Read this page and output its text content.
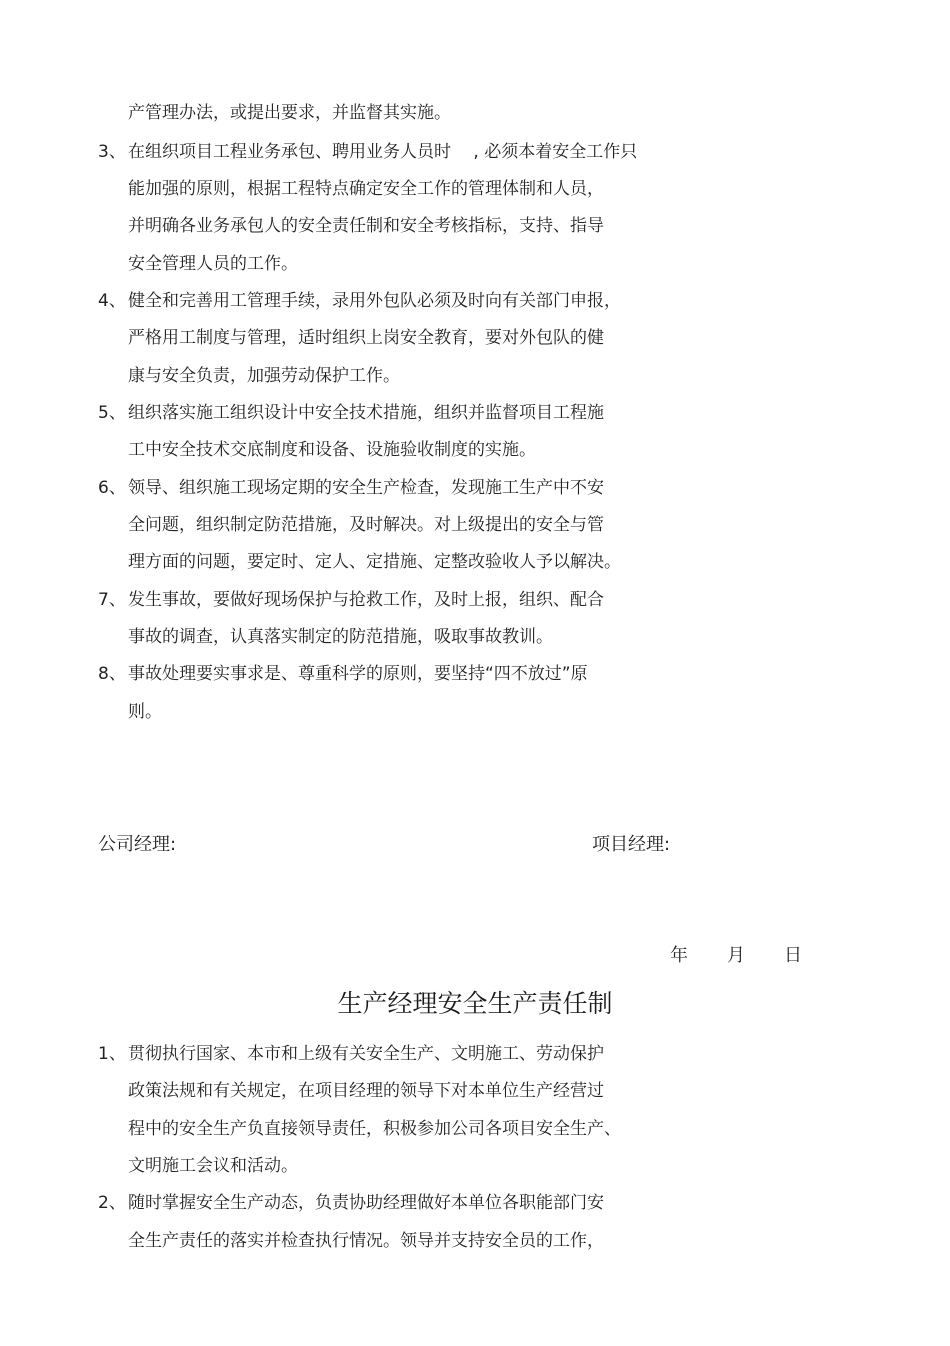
产管理办法，或提出要求，并监督其实施。
3、 在组织项目工程业务承包、聘用业务人员时　 , 必须本着安全工作只
能加强的原则，根据工程特点确定安全工作的管理体制和人员，
并明确各业务承包人的安全责任制和安全考核指标，支持、指导
安全管理人员的工作。
4、 健全和完善用工管理手续，录用外包队必须及时向有关部门申报，
严格用工制度与管理，适时组织上岗安全教育，要对外包队的健
康与安全负责，加强劳动保护工作。
5、 组织落实施工组织设计中安全技术措施，组织并监督项目工程施
工中安全技术交底制度和设备、设施验收制度的实施。
6、 领导、组织施工现场定期的安全生产检查，发现施工生产中不安
全问题，组织制定防范措施，及时解决。对上级提出的安全与管
理方面的问题，要定时、定人、定措施、定整改验收人予以解决。
7、 发生事故，要做好现场保护与抢救工作，及时上报，组织、配合
事故的调查，认真落实制定的防范措施，吸取事故教训。
8、 事故处理要实事求是、尊重科学的原则，要坚持“四不放过”原
则。
公司经理:	项目经理:
年 月 日
生产经理安全生产责任制
1、 贯彻执行国家、本市和上级有关安全生产、文明施工、劳动保护
政策法规和有关规定，在项目经理的领导下对本单位生产经营过
程中的安全生产负直接领导责任，积极参加公司各项目安全生产、
文明施工会议和活动。
2、 随时掌握安全生产动态，负责协助经理做好本单位各职能部门安
全生产责任的落实并检查执行情况。领导并支持安全员的工作，
